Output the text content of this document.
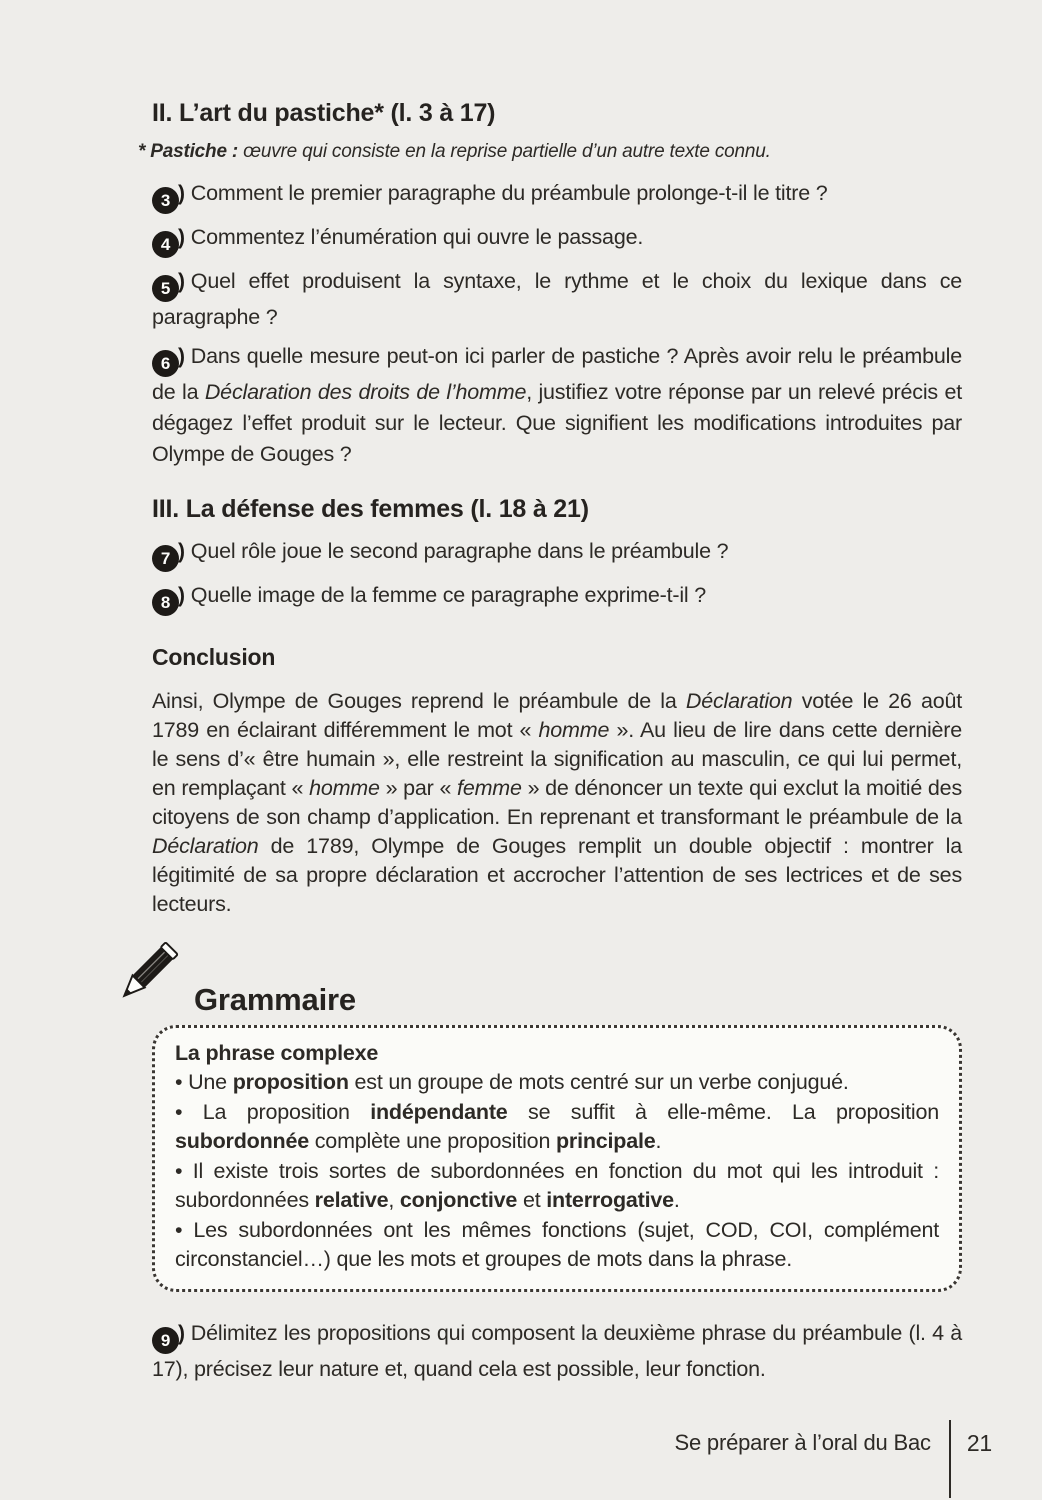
II. L’art du pastiche* (l. 3 à 17)

* Pastiche : œuvre qui consiste en la reprise partielle d’un autre texte connu.

3 ) Comment le premier paragraphe du préambule prolonge-t-il le titre ?

4 ) Commentez l’énumération qui ouvre le passage.

5 ) Quel effet produisent la syntaxe, le rythme et le choix du lexique dans ce paragraphe ?

6 ) Dans quelle mesure peut-on ici parler de pastiche ? Après avoir relu le préambule de la Déclaration des droits de l’homme, justifiez votre réponse par un relevé précis et dégagez l’effet produit sur le lecteur. Que signifient les modifications introduites par Olympe de Gouges ?

III. La défense des femmes (l. 18 à 21)

7 ) Quel rôle joue le second paragraphe dans le préambule ?

8 ) Quelle image de la femme ce paragraphe exprime-t-il ?

Conclusion

Ainsi, Olympe de Gouges reprend le préambule de la Déclaration votée le 26 août 1789 en éclairant différemment le mot « homme ». Au lieu de lire dans cette dernière le sens d’« être humain », elle restreint la signification au masculin, ce qui lui permet, en remplaçant « homme » par « femme » de dénoncer un texte qui exclut la moitié des citoyens de son champ d’application. En reprenant et transformant le préambule de la Déclaration de 1789, Olympe de Gouges remplit un double objectif : montrer la légitimité de sa propre déclaration et accrocher l’attention de ses lectrices et de ses lecteurs.

Grammaire

La phrase complexe

• Une proposition est un groupe de mots centré sur un verbe conjugué.

• La proposition indépendante se suffit à elle-même. La proposition subordonnée complète une proposition principale.

• Il existe trois sortes de subordonnées en fonction du mot qui les introduit : subordonnées relative, conjonctive et interrogative.

• Les subordonnées ont les mêmes fonctions (sujet, COD, COI, complément circonstanciel…) que les mots et groupes de mots dans la phrase.

9 ) Délimitez les propositions qui composent la deuxième phrase du préambule (l. 4 à 17), précisez leur nature et, quand cela est possible, leur fonction.

Se préparer à l’oral du Bac 21
